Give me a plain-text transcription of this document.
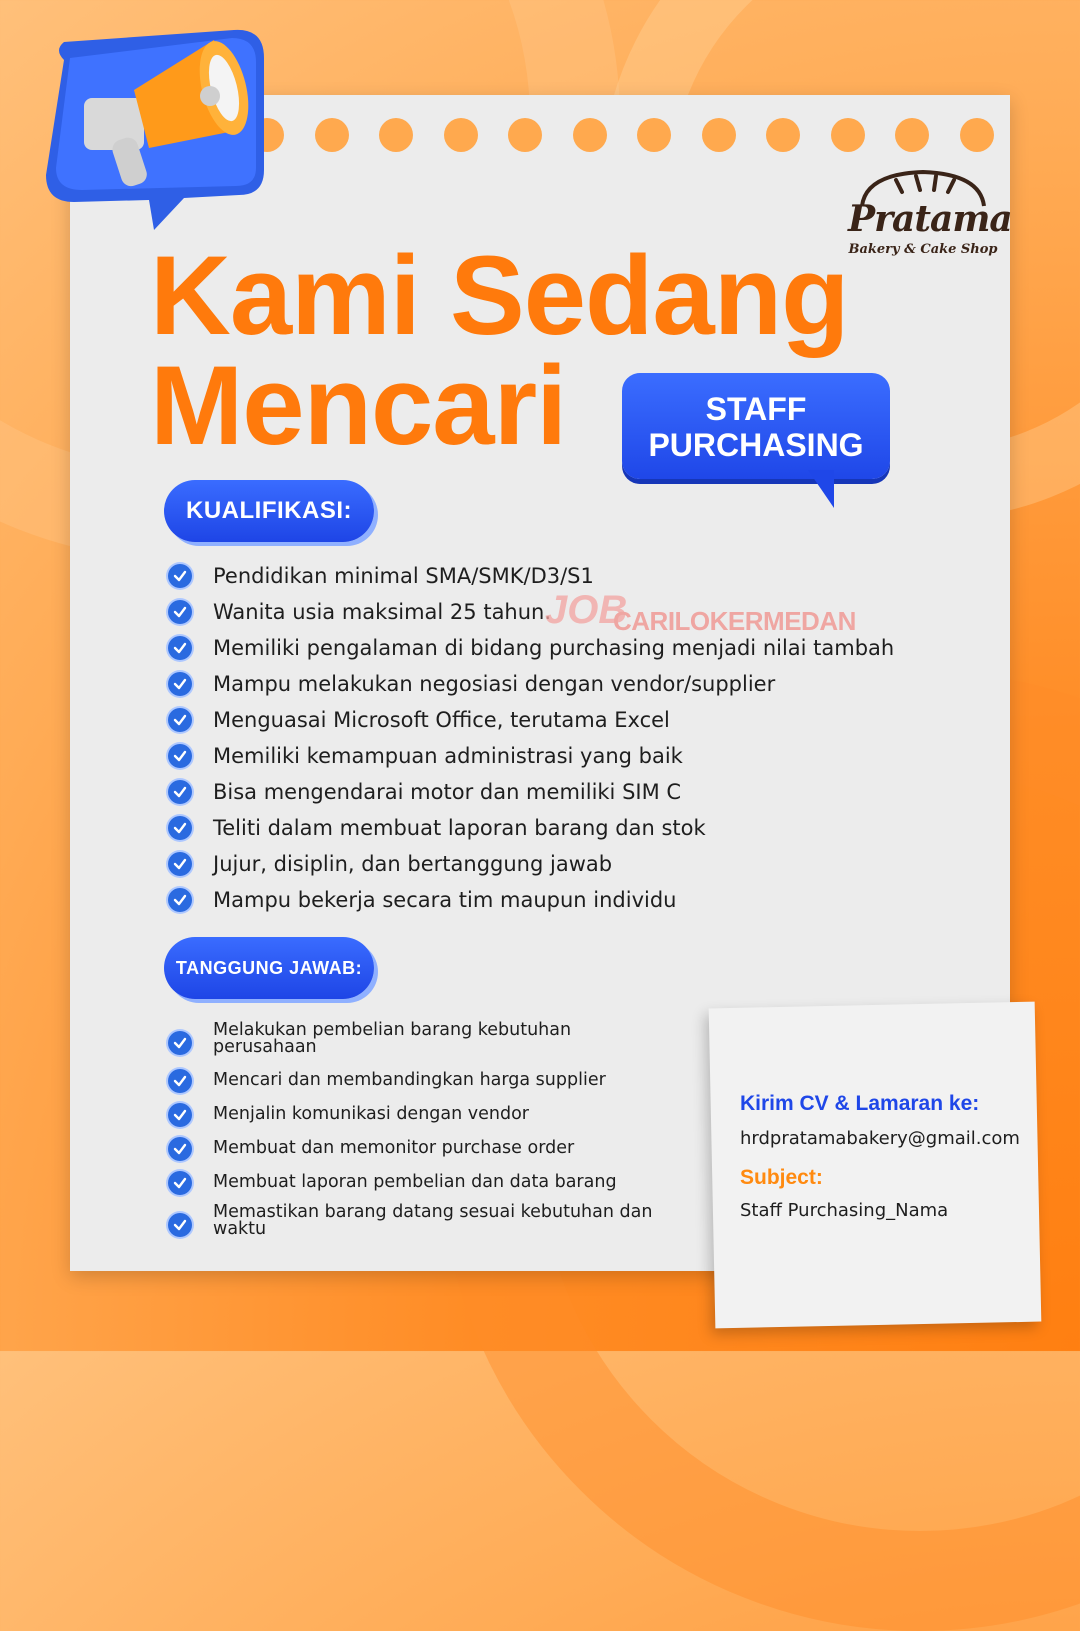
Pratama
Bakery & Cake Shop
Kami Sedang
Mencari	STAFF
PURCHASING
KUALIFIKASI:
Pendidikan minimal SMA/SMK/D3/S1
Wanita usia maksimal 25 tahun.
Memiliki pengalaman di bidang purchasing menjadi nilai tambah
Mampu melakukan negosiasi dengan vendor/supplier
Menguasai Microsoft Office, terutama Excel
Memiliki kemampuan administrasi yang baik
Bisa mengendarai motor dan memiliki SIM C
Teliti dalam membuat laporan barang dan stok
Jujur, disiplin, dan bertanggung jawab
Mampu bekerja secara tim maupun individu
JOB
CARILOKERMEDAN
TANGGUNG JAWAB:
Melakukan pembelian barang kebutuhan perusahaan
Mencari dan membandingkan harga supplier
Menjalin komunikasi dengan vendor
Membuat dan memonitor purchase order
Membuat laporan pembelian dan data barang
Memastikan barang datang sesuai kebutuhan dan waktu
Kirim CV & Lamaran ke:
hrdpratamabakery@gmail.com
Subject:
Staff Purchasing_Nama
